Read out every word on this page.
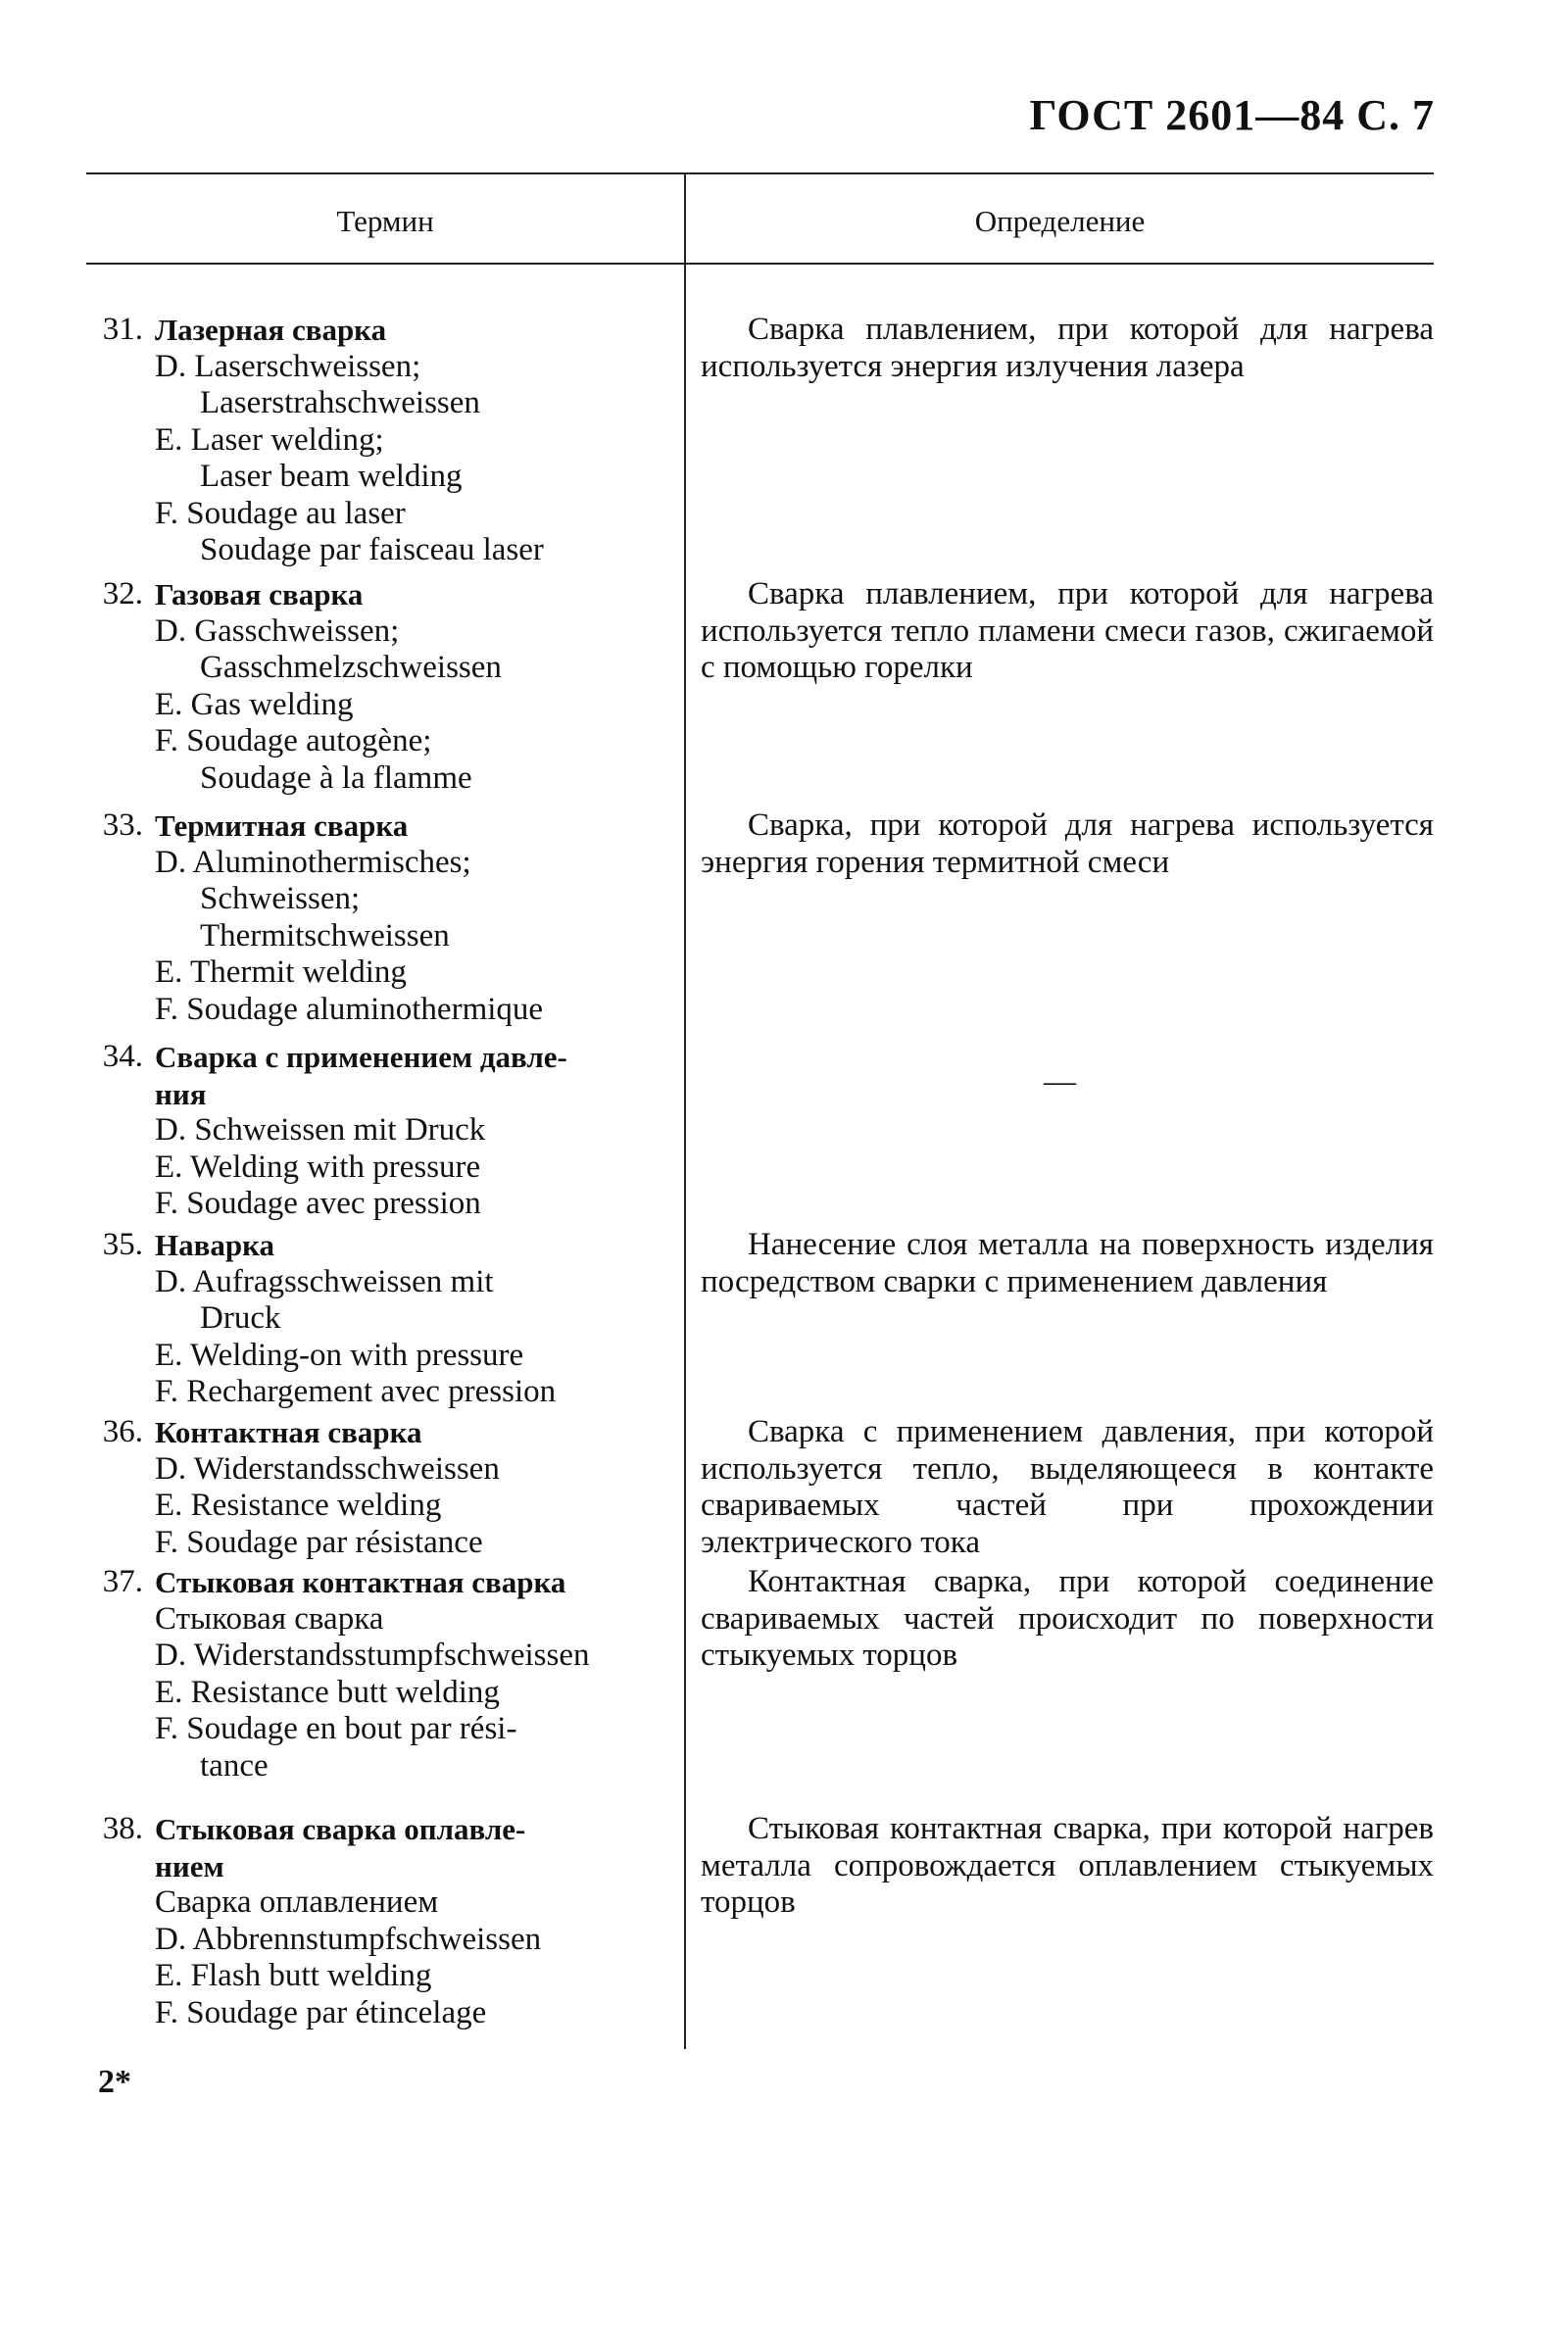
ГОСТ 2601—84 С. 7
Термин	Определение
31. Лазерная сварка
D. Laserschweissen;
Laserstrahschweissen
E. Laser welding;
Laser beam welding
F. Soudage au laser
Soudage par faisceau laser
Сварка плавлением, при которой для нагрева используется энергия излучения лазера
32. Газовая сварка
D. Gasschweissen;
Gasschmelzschweissen
E. Gas welding
F. Soudage autogène;
Soudage à la flamme
Сварка плавлением, при которой для нагрева используется тепло пламени смеси газов, сжигаемой с помощью горелки
33. Термитная сварка
D. Aluminothermisches;
Schweissen;
Thermitschweissen
E. Thermit welding
F. Soudage aluminothermique
Сварка, при которой для нагрева используется энергия горения термитной смеси
34. Сварка с применением давле-
ния
D. Schweissen mit Druck
E. Welding with pressure
F. Soudage avec pression
—
35. Наварка
D. Aufragsschweissen mit
Druck
E. Welding-on with pressure
F. Rechargement avec pression
Нанесение слоя металла на поверхность изделия посредством сварки с применением давления
36. Контактная сварка
D. Widerstandsschweissen
E. Resistance welding
F. Soudage par résistance
Сварка с применением давления, при которой используется тепло, выделяющееся в контакте свариваемых частей при прохождении электрического тока
37. Стыковая контактная сварка
Стыковая сварка
D. Widerstandsstumpfschweissen
E. Resistance butt welding
F. Soudage en bout par rési-
tance
Контактная сварка, при которой соединение свариваемых частей происходит по поверхности стыкуемых торцов
38. Стыковая сварка оплавле-
нием
Сварка оплавлением
D. Abbrennstumpfschweissen
E. Flash butt welding
F. Soudage par étincelage
Стыковая контактная сварка, при которой нагрев металла сопровождается оплавлением стыкуемых торцов
2*
